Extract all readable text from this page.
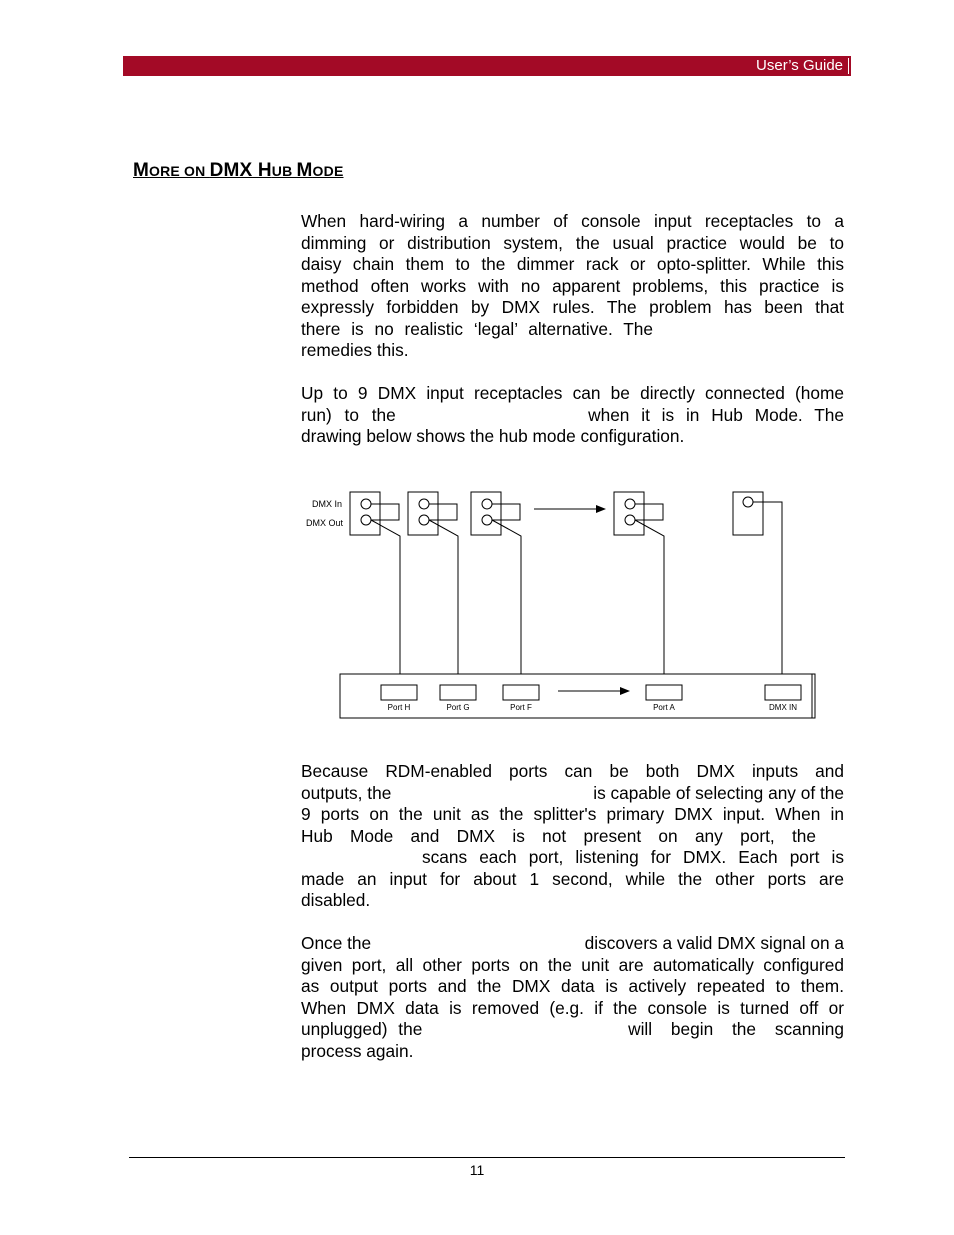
User’s Guide
MORE ON DMX HUB MODE
When hard-wiring a number of console input receptacles to a
dimming or distribution system, the usual practice would be to
daisy chain them to the dimmer rack or opto-splitter. While this
method often works with no apparent problems, this practice is
expressly forbidden by DMX rules. The problem has been that
there is no realistic ‘legal’ alternative. The
remedies this.
Up to 9 DMX input receptacles can be directly connected (home
run) to the	when it is in Hub Mode. The
drawing below shows the hub mode configuration.
DMX In
DMX Out
Port H	Port G	Port F	Port A	DMX IN
Because RDM-enabled ports can be both DMX inputs and
outputs, the	is capable of selecting any of the
9 ports on the unit as the splitter's primary DMX input. When in
Hub Mode and DMX is not present on any port, the
scans each port, listening for DMX. Each port is
made an input for about 1 second, while the other ports are
disabled.
Once the	discovers a valid DMX signal on a
given port, all other ports on the unit are automatically configured
as output ports and the DMX data is actively repeated to them.
When DMX data is removed (e.g. if the console is turned off or
unplugged) the	will begin the scanning
process again.
11
